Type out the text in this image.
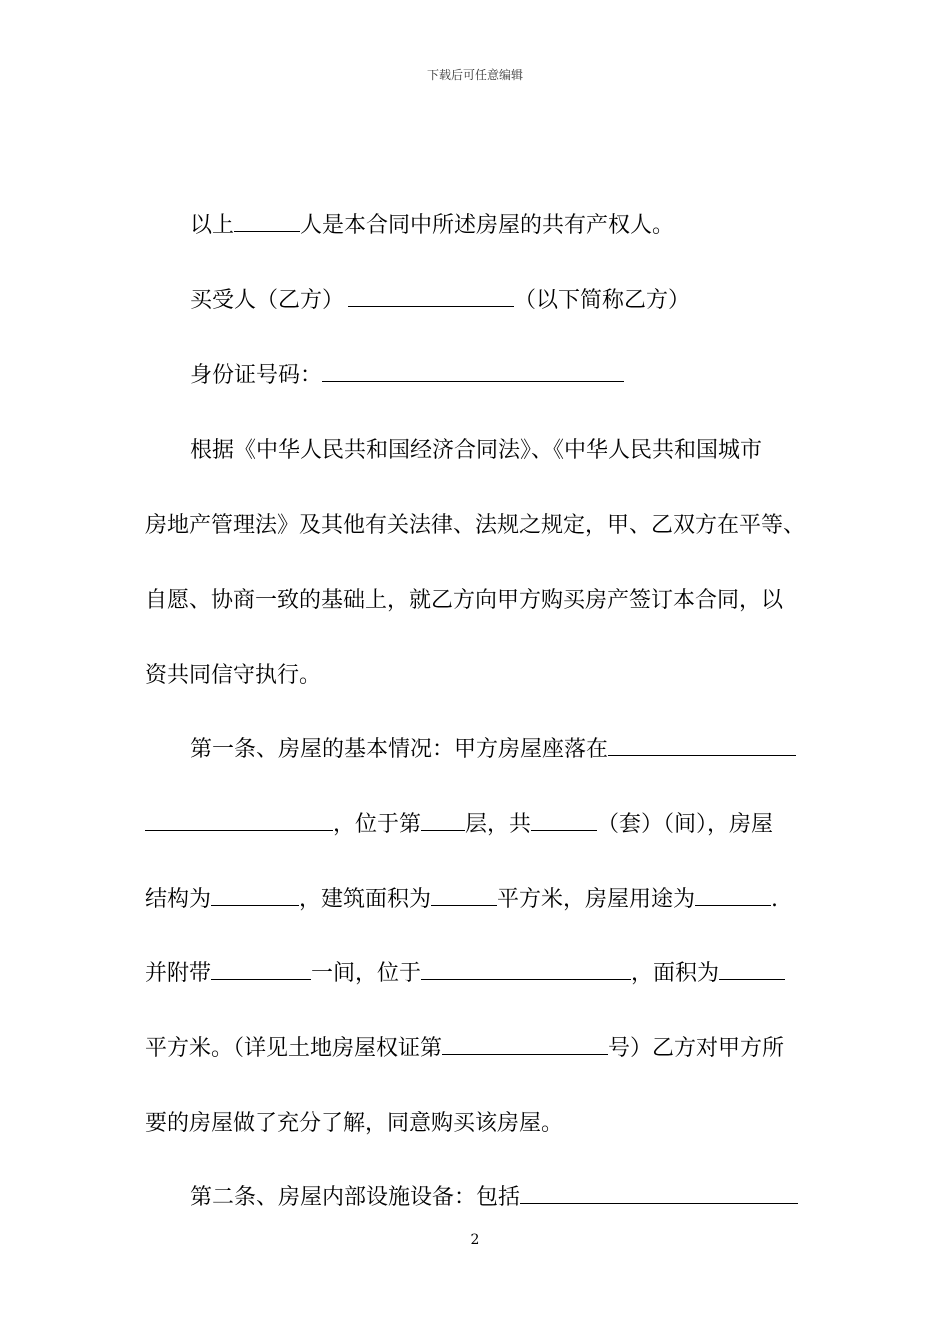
下载后可任意编辑
以上	人是本合同中所述房屋的共有产权人。
买受人（乙方）	（以下简称乙方）
身份证号码：
根据《中华人民共和国经济合同法》、《中华人民共和国城市
房地产管理法》及其他有关法律、法规之规定，甲、乙双方在平等、
自愿、协商一致的基础上，就乙方向甲方购买房产签订本合同，以
资共同信守执行。
第一条、房屋的基本情况：甲方房屋座落在
，位于第 层，共	（套）（间），房屋
结构为	，建筑面积为	平方米，房屋用途为	.
并附带	一间，位于	，面积为
平方米。（详见土地房屋权证第	号）乙方对甲方所
要的房屋做了充分了解，同意购买该房屋。
第二条、房屋内部设施设备：包括
2
